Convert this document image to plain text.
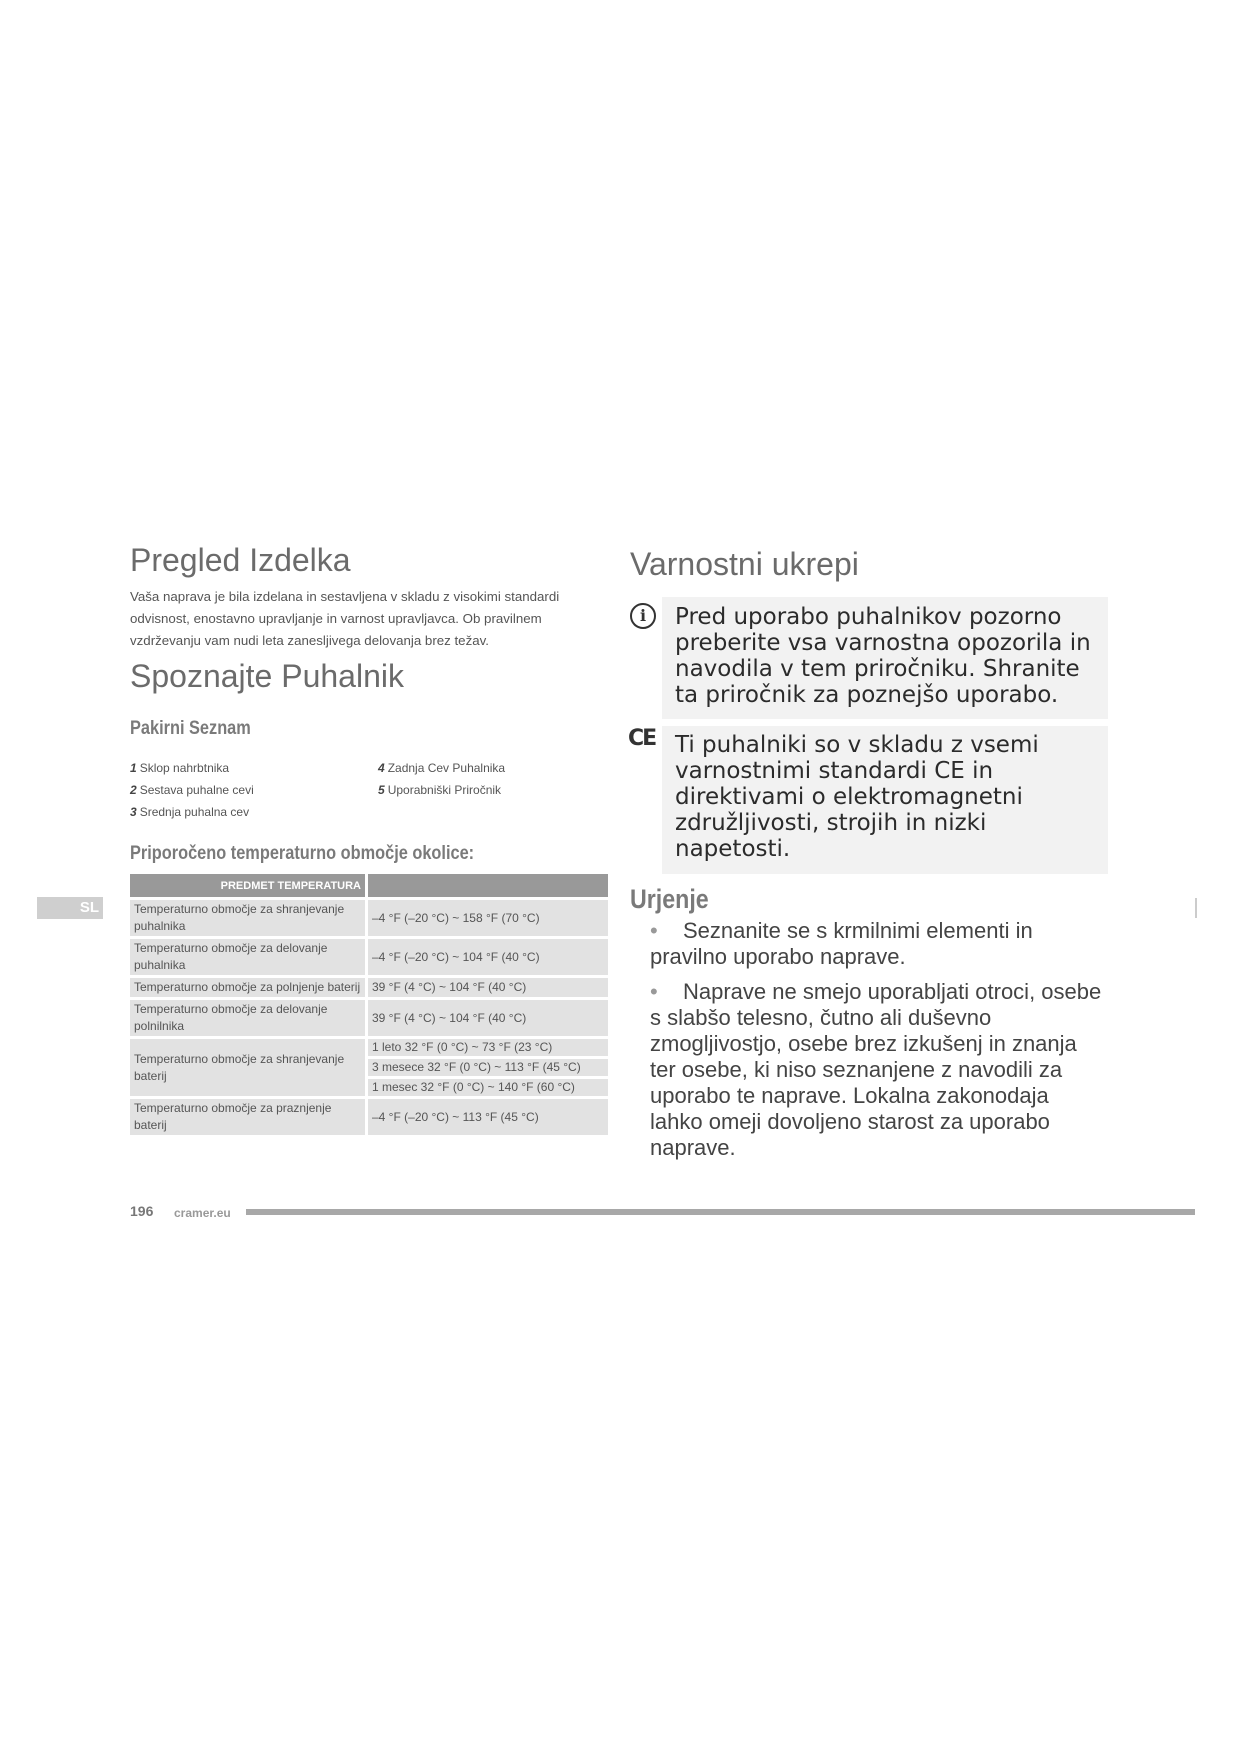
SL
Pregled Izdelka
Vaša naprava je bila izdelana in sestavljena v skladu z visokimi standardi odvisnost, enostavno upravljanje in varnost upravljavca. Ob pravilnem vzdrževanju vam nudi leta zanesljivega delovanja brez težav.
Spoznajte Puhalnik
Pakirni Seznam
1 Sklop nahrbtnika
2 Sestava puhalne cevi
3 Srednja puhalna cev
4 Zadnja Cev Puhalnika
5 Uporabniški Priročnik
Priporočeno temperaturno območje okolice:
PREDMET TEMPERATURA	
Temperaturno območje za shranjevanje puhalnika	–4 °F (–20 °C) ~ 158 °F (70 °C)
Temperaturno območje za delovanje puhalnika	–4 °F (–20 °C) ~ 104 °F (40 °C)
Temperaturno območje za polnjenje baterij	39 °F (4 °C) ~ 104 °F (40 °C)
Temperaturno območje za delovanje polnilnika	39 °F (4 °C) ~ 104 °F (40 °C)
Temperaturno območje za shranjevanje baterij	1 leto 32 °F (0 °C) ~ 73 °F (23 °C)
	3 mesece 32 °F (0 °C) ~ 113 °F (45 °C)
	1 mesec 32 °F (0 °C) ~ 140 °F (60 °C)
Temperaturno območje za praznjenje baterij	–4 °F (–20 °C) ~ 113 °F (45 °C)
Varnostni ukrepi
i	Pred uporabo puhalnikov pozorno preberite vsa varnostna opozorila in navodila v tem priročniku. Shranite ta priročnik za poznejšo uporabo.
CE Ti puhalniki so v skladu z vsemi varnostnimi standardi CE in direktivami o elektromagnetni združljivosti, strojih in nizki napetosti.
Urjenje
• Seznanite se s krmilnimi elementi in pravilno uporabo naprave.
• Naprave ne smejo uporabljati otroci, osebe s slabšo telesno, čutno ali duševno zmogljivostjo, osebe brez izkušenj in znanja ter osebe, ki niso seznanjene z navodili za uporabo te naprave. Lokalna zakonodaja lahko omeji dovoljeno starost za uporabo naprave.
196 cramer.eu
